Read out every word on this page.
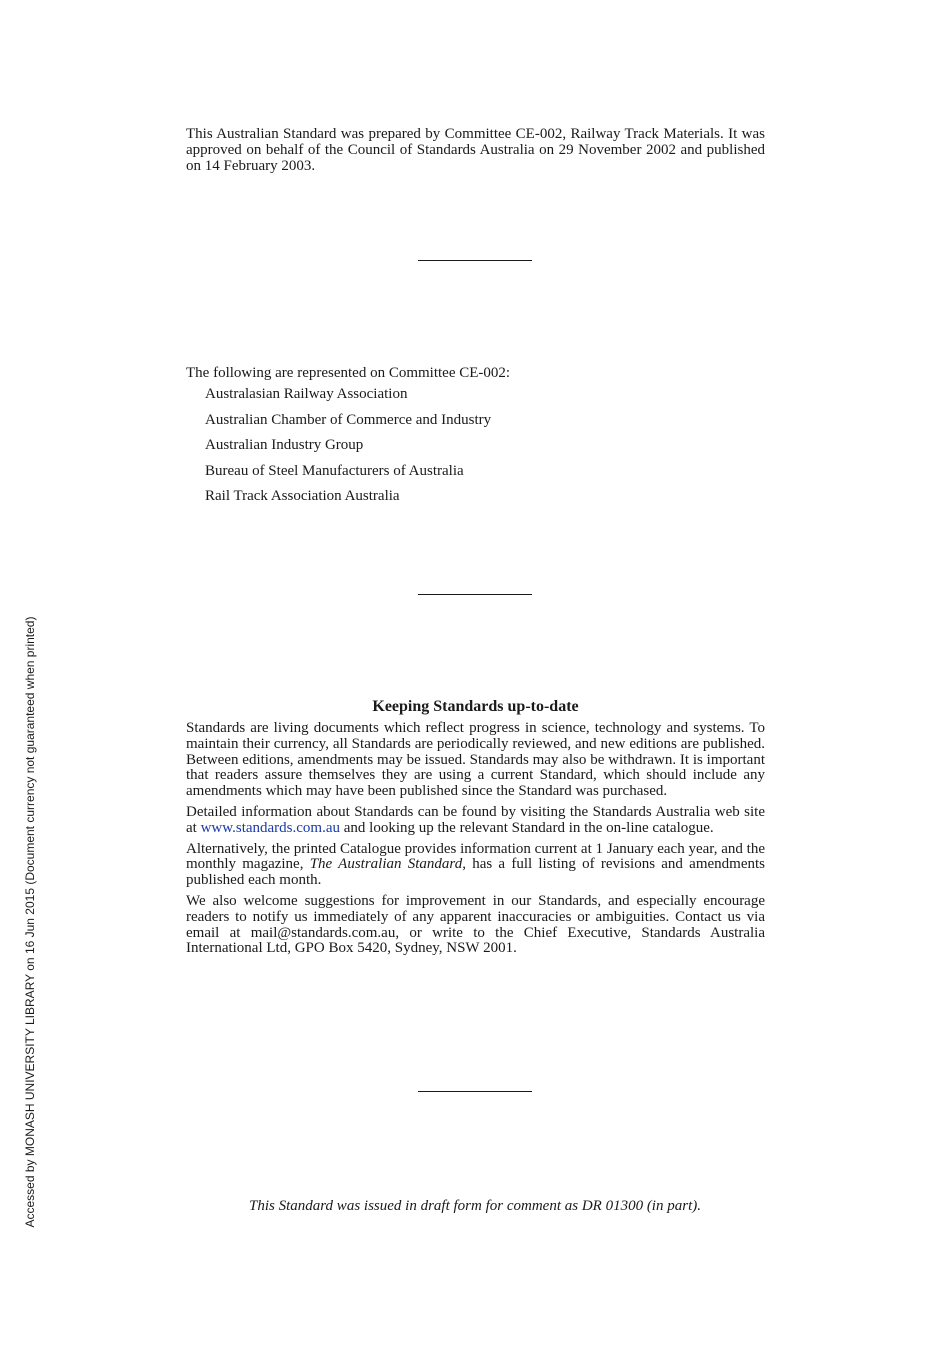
This Australian Standard was prepared by Committee CE-002, Railway Track Materials. It was approved on behalf of the Council of Standards Australia on 29 November 2002 and published on 14 February 2003.

The following are represented on Committee CE-002:

Australasian Railway Association
Australian Chamber of Commerce and Industry
Australian Industry Group
Bureau of Steel Manufacturers of Australia
Rail Track Association Australia

Keeping Standards up-to-date

Standards are living documents which reflect progress in science, technology and systems. To maintain their currency, all Standards are periodically reviewed, and new editions are published. Between editions, amendments may be issued. Standards may also be withdrawn. It is important that readers assure themselves they are using a current Standard, which should include any amendments which may have been published since the Standard was purchased.

Detailed information about Standards can be found by visiting the Standards Australia web site at www.standards.com.au and looking up the relevant Standard in the on-line catalogue.

Alternatively, the printed Catalogue provides information current at 1 January each year, and the monthly magazine, The Australian Standard, has a full listing of revisions and amendments published each month.

We also welcome suggestions for improvement in our Standards, and especially encourage readers to notify us immediately of any apparent inaccuracies or ambiguities. Contact us via email at mail@standards.com.au, or write to the Chief Executive, Standards Australia International Ltd, GPO Box 5420, Sydney, NSW 2001.

This Standard was issued in draft form for comment as DR 01300 (in part).
Accessed by MONASH UNIVERSITY LIBRARY on 16 Jun 2015 (Document currency not guaranteed when printed)
